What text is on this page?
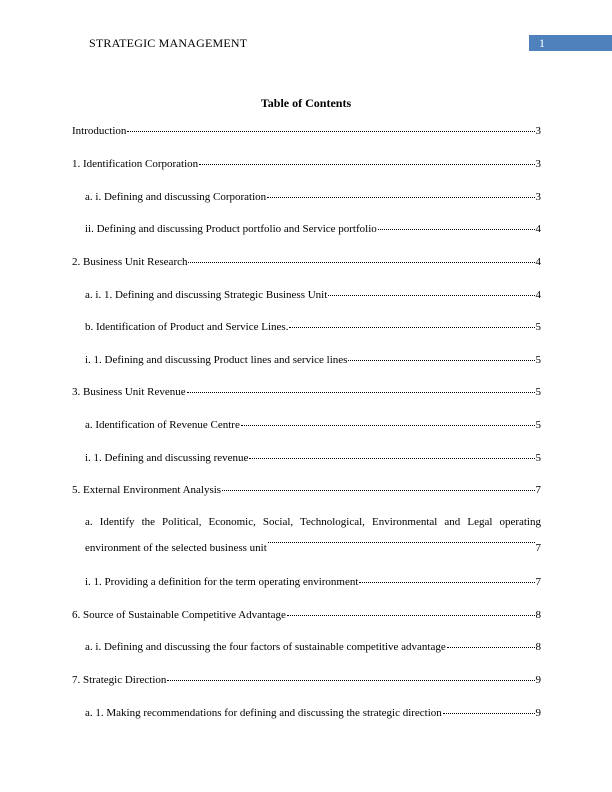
STRATEGIC MANAGEMENT	1
Table of Contents
Introduction	3
1. Identification Corporation	3
a. i. Defining and discussing Corporation	3
ii. Defining and discussing Product portfolio and Service portfolio	4
2. Business Unit Research	4
a. i. 1. Defining and discussing Strategic Business Unit	4
b. Identification of Product and Service Lines.	5
i. 1. Defining and discussing Product lines and service lines	5
3. Business Unit Revenue	5
a. Identification of Revenue Centre	5
i. 1. Defining and discussing revenue	5
5. External Environment Analysis	7
a. Identify the Political, Economic, Social, Technological, Environmental and Legal operating
environment of the selected business unit	7
i. 1. Providing a definition for the term operating environment	7
6. Source of Sustainable Competitive Advantage	8
a. i. Defining and discussing the four factors of sustainable competitive advantage	8
7. Strategic Direction	9
a. 1. Making recommendations for defining and discussing the strategic direction	9
